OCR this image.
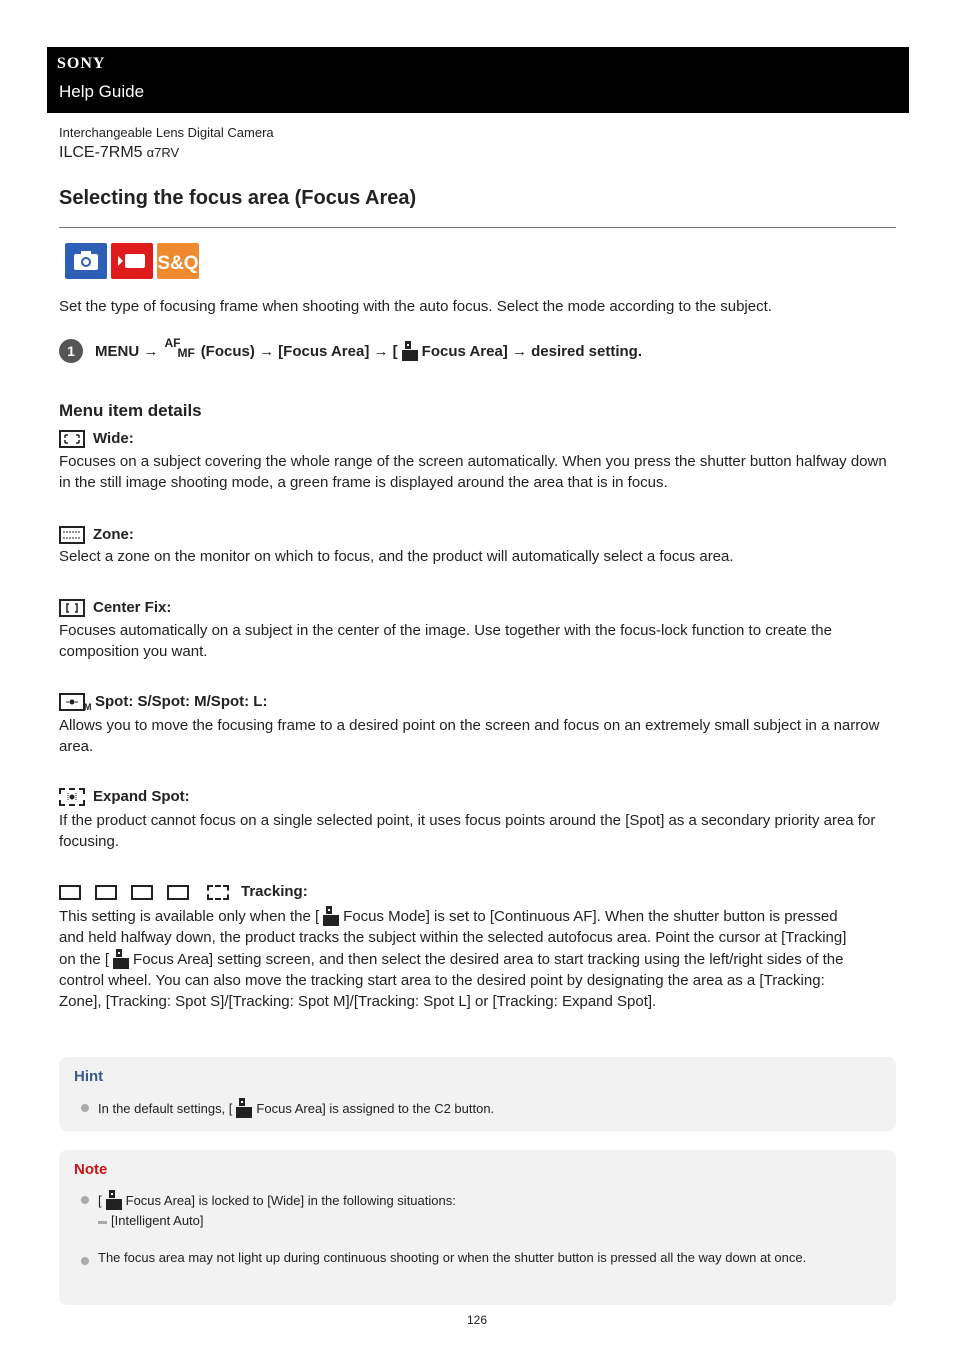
SONY
Help Guide
Interchangeable Lens Digital Camera
ILCE-7RM5 α7RV
Selecting the focus area (Focus Area)
S&Q
Set the type of focusing frame when shooting with the auto focus. Select the mode according to the subject.
1	MENU → AF
MF (Focus) → [Focus Area] → [ Focus Area] → desired setting.
Menu item details
Wide:
Focuses on a subject covering the whole range of the screen automatically. When you press the shutter button halfway down in the still image shooting mode, a green frame is displayed around the area that is in focus.
Zone:
Select a zone on the monitor on which to focus, and the product will automatically select a focus area.
Center Fix:
Focuses automatically on a subject in the center of the image. Use together with the focus-lock function to create the composition you want.
M Spot: S/Spot: M/Spot: L:
Allows you to move the focusing frame to a desired point on the screen and focus on an extremely small subject in a narrow area.
Expand Spot:
If the product cannot focus on a single selected point, it uses focus points around the [Spot] as a secondary priority area for focusing.
Tracking:
This setting is available only when the [ Focus Mode] is set to [Continuous AF]. When the shutter button is pressed
and held halfway down, the product tracks the subject within the selected autofocus area. Point the cursor at [Tracking]
on the [ Focus Area] setting screen, and then select the desired area to start tracking using the left/right sides of the
control wheel. You can also move the tracking start area to the desired point by designating the area as a [Tracking:
Zone], [Tracking: Spot S]/[Tracking: Spot M]/[Tracking: Spot L] or [Tracking: Expand Spot].
Hint
In the default settings, [ Focus Area] is assigned to the C2 button.
Note
[ Focus Area] is locked to [Wide] in the following situations:
[Intelligent Auto]
The focus area may not light up during continuous shooting or when the shutter button is pressed all the way down at once.
126
